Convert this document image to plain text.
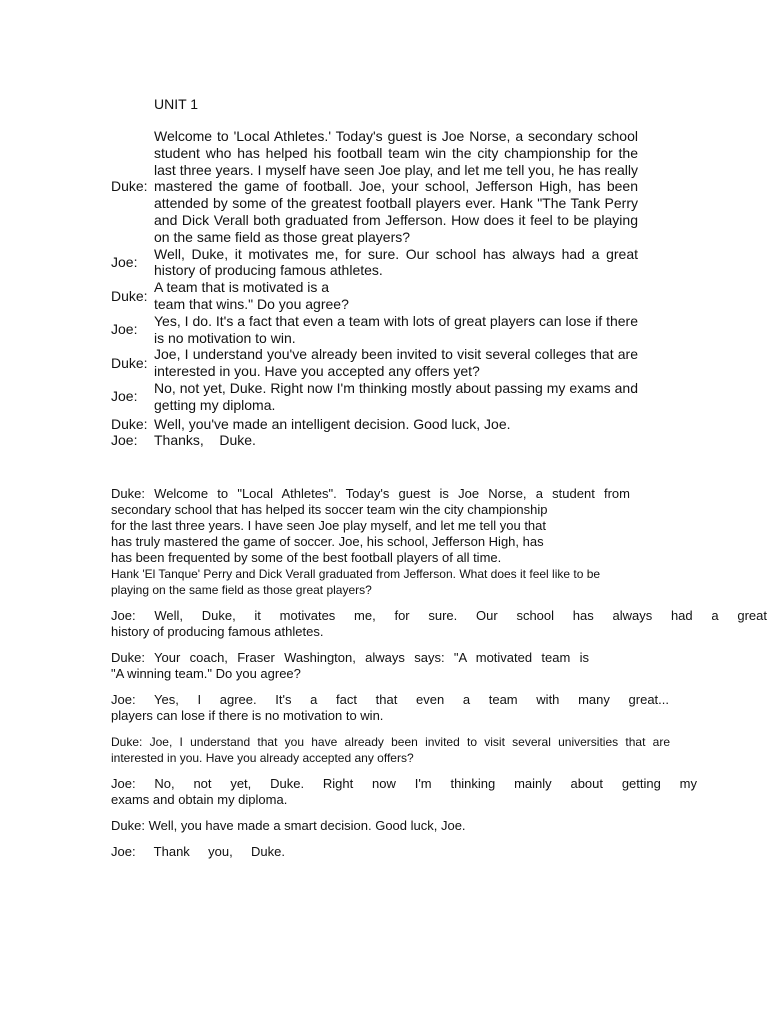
UNIT 1
Duke:
Welcome to 'Local Athletes.' Today's guest is Joe Norse, a secondary school student who has helped his football team win the city championship for the last three years. I myself have seen Joe play, and let me tell you, he has really mastered the game of football. Joe, your school, Jefferson High, has been attended by some of the greatest football players ever. Hank "The Tank Perry and Dick Verall both graduated from Jefferson. How does it feel to be playing on the same field as those great players?
Joe:
Well, Duke, it motivates me, for sure. Our school has always had a great history of producing famous athletes.
Duke:
A team that is motivated is a
team that wins." Do you agree?
Joe:
Yes, I do. It's a fact that even a team with lots of great players can lose if there is no motivation to win.
Duke:
Joe, I understand you've already been invited to visit several colleges that are interested in you. Have you accepted any offers yet?
Joe:
No, not yet, Duke. Right now I'm thinking mostly about passing my exams and getting my diploma.
Duke: Well, you've made an intelligent decision. Good luck, Joe.
Joe:	Thanks,    Duke.

Duke: Welcome to "Local Athletes". Today's guest is Joe Norse, a student from
secondary school that has helped its soccer team win the city championship
for the last three years. I have seen Joe play myself, and let me tell you that
has truly mastered the game of soccer. Joe, his school, Jefferson High, has
has been frequented by some of the best football players of all time.
Hank 'El Tanque' Perry and Dick Verall graduated from Jefferson. What does it feel like to be
playing on the same field as those great players?

Joe: Well, Duke, it motivates me, for sure. Our school has always had a great
history of producing famous athletes.

Duke: Your coach, Fraser Washington, always says: "A motivated team is
"A winning team." Do you agree?

Joe: Yes, I agree. It's a fact that even a team with many great...
players can lose if there is no motivation to win.

Duke: Joe, I understand that you have already been invited to visit several universities that are
interested in you. Have you already accepted any offers?

Joe: No, not yet, Duke. Right now I'm thinking mainly about getting my
exams and obtain my diploma.

Duke: Well, you have made a smart decision. Good luck, Joe.

Joe: Thank you, Duke.
